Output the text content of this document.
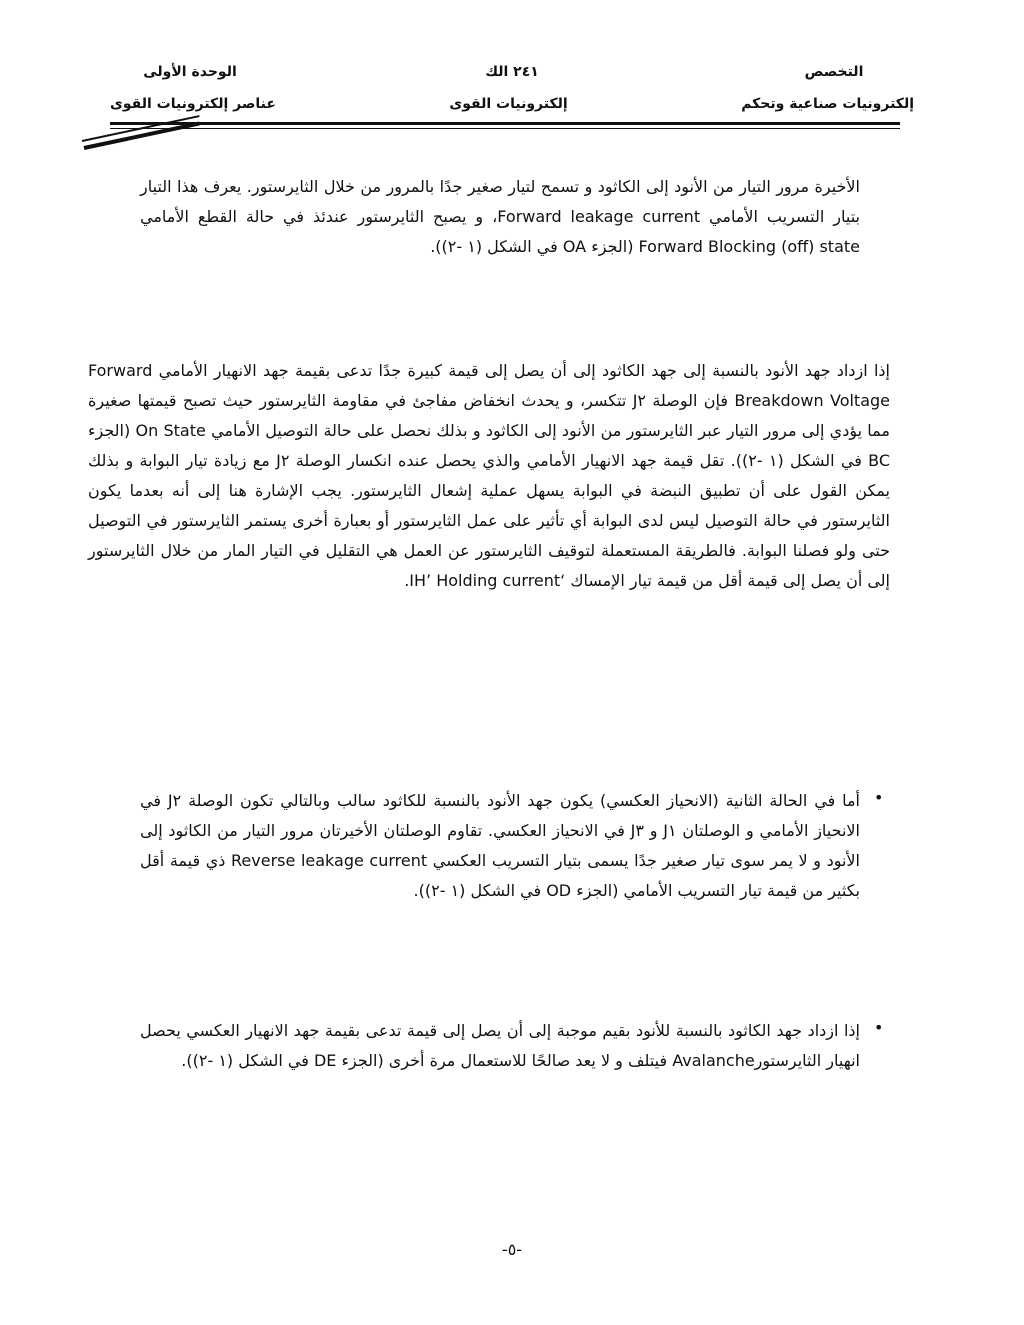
التخصص
٢٤١ الك
الوحدة الأولى
إلكترونيات صناعية وتحكم
إلكترونيات القوى
عناصر إلكترونيات القوى

الأخيرة مرور التيار من الأنود إلى الكاثود و تسمح لتيار صغير جدًا بالمرور من خلال الثايرستور. يعرف هذا التيار بتيار التسريب الأمامي Forward leakage current، و يصبح الثايرستور عندئذ في حالة القطع الأمامي Forward Blocking (off) state (الجزء OA في الشكل (١ -٢)).

إذا ازداد جهد الأنود بالنسبة إلى جهد الكاثود إلى أن يصل إلى قيمة كبيرة جدًا تدعى بقيمة جهد الانهيار الأمامي Forward Breakdown Voltage فإن الوصلة J٢ تتكسر، و يحدث انخفاض مفاجئ في مقاومة الثايرستور حيث تصبح قيمتها صغيرة مما يؤدي إلى مرور التيار عبر الثايرستور من الأنود إلى الكاثود و بذلك نحصل على حالة التوصيل الأمامي On State (الجزء BC في الشكل (١ -٢)). تقل قيمة جهد الانهيار الأمامي والذي يحصل عنده انكسار الوصلة J٢ مع زيادة تيار البوابة و بذلك يمكن القول على أن تطبيق النبضة في البوابة يسهل عملية إشعال الثايرستور. يجب الإشارة هنا إلى أنه بعدما يكون الثايرستور في حالة التوصيل ليس لدى البوابة أي تأثير على عمل الثايرستور أو بعبارة أخرى يستمر الثايرستور في التوصيل حتى ولو فصلنا البوابة. فالطريقة المستعملة لتوقيف الثايرستور عن العمل هي التقليل في التيار المار من خلال الثايرستور إلى أن يصل إلى قيمة أقل من قيمة تيار الإمساك ‘IH’ Holding current.

•

أما في الحالة الثانية (الانحياز العكسي) يكون جهد الأنود بالنسبة للكاثود سالب وبالتالي تكون الوصلة J٢ في الانحياز الأمامي و الوصلتان J١ و J٣ في الانحياز العكسي. تقاوم الوصلتان الأخيرتان مرور التيار من الكاثود إلى الأنود و لا يمر سوى تيار صغير جدًا يسمى بتيار التسريب العكسي Reverse leakage current ذي قيمة أقل بكثير من قيمة تيار التسريب الأمامي (الجزء OD في الشكل (١ -٢)).

•

إذا ازداد جهد الكاثود بالنسبة للأنود بقيم موجبة إلى أن يصل إلى قيمة تدعى بقيمة جهد الانهيار العكسي يحصل انهيار الثايرستورAvalanche فيتلف و لا يعد صالحًا للاستعمال مرة أخرى (الجزء DE في الشكل (١ -٢)).

-٥-
